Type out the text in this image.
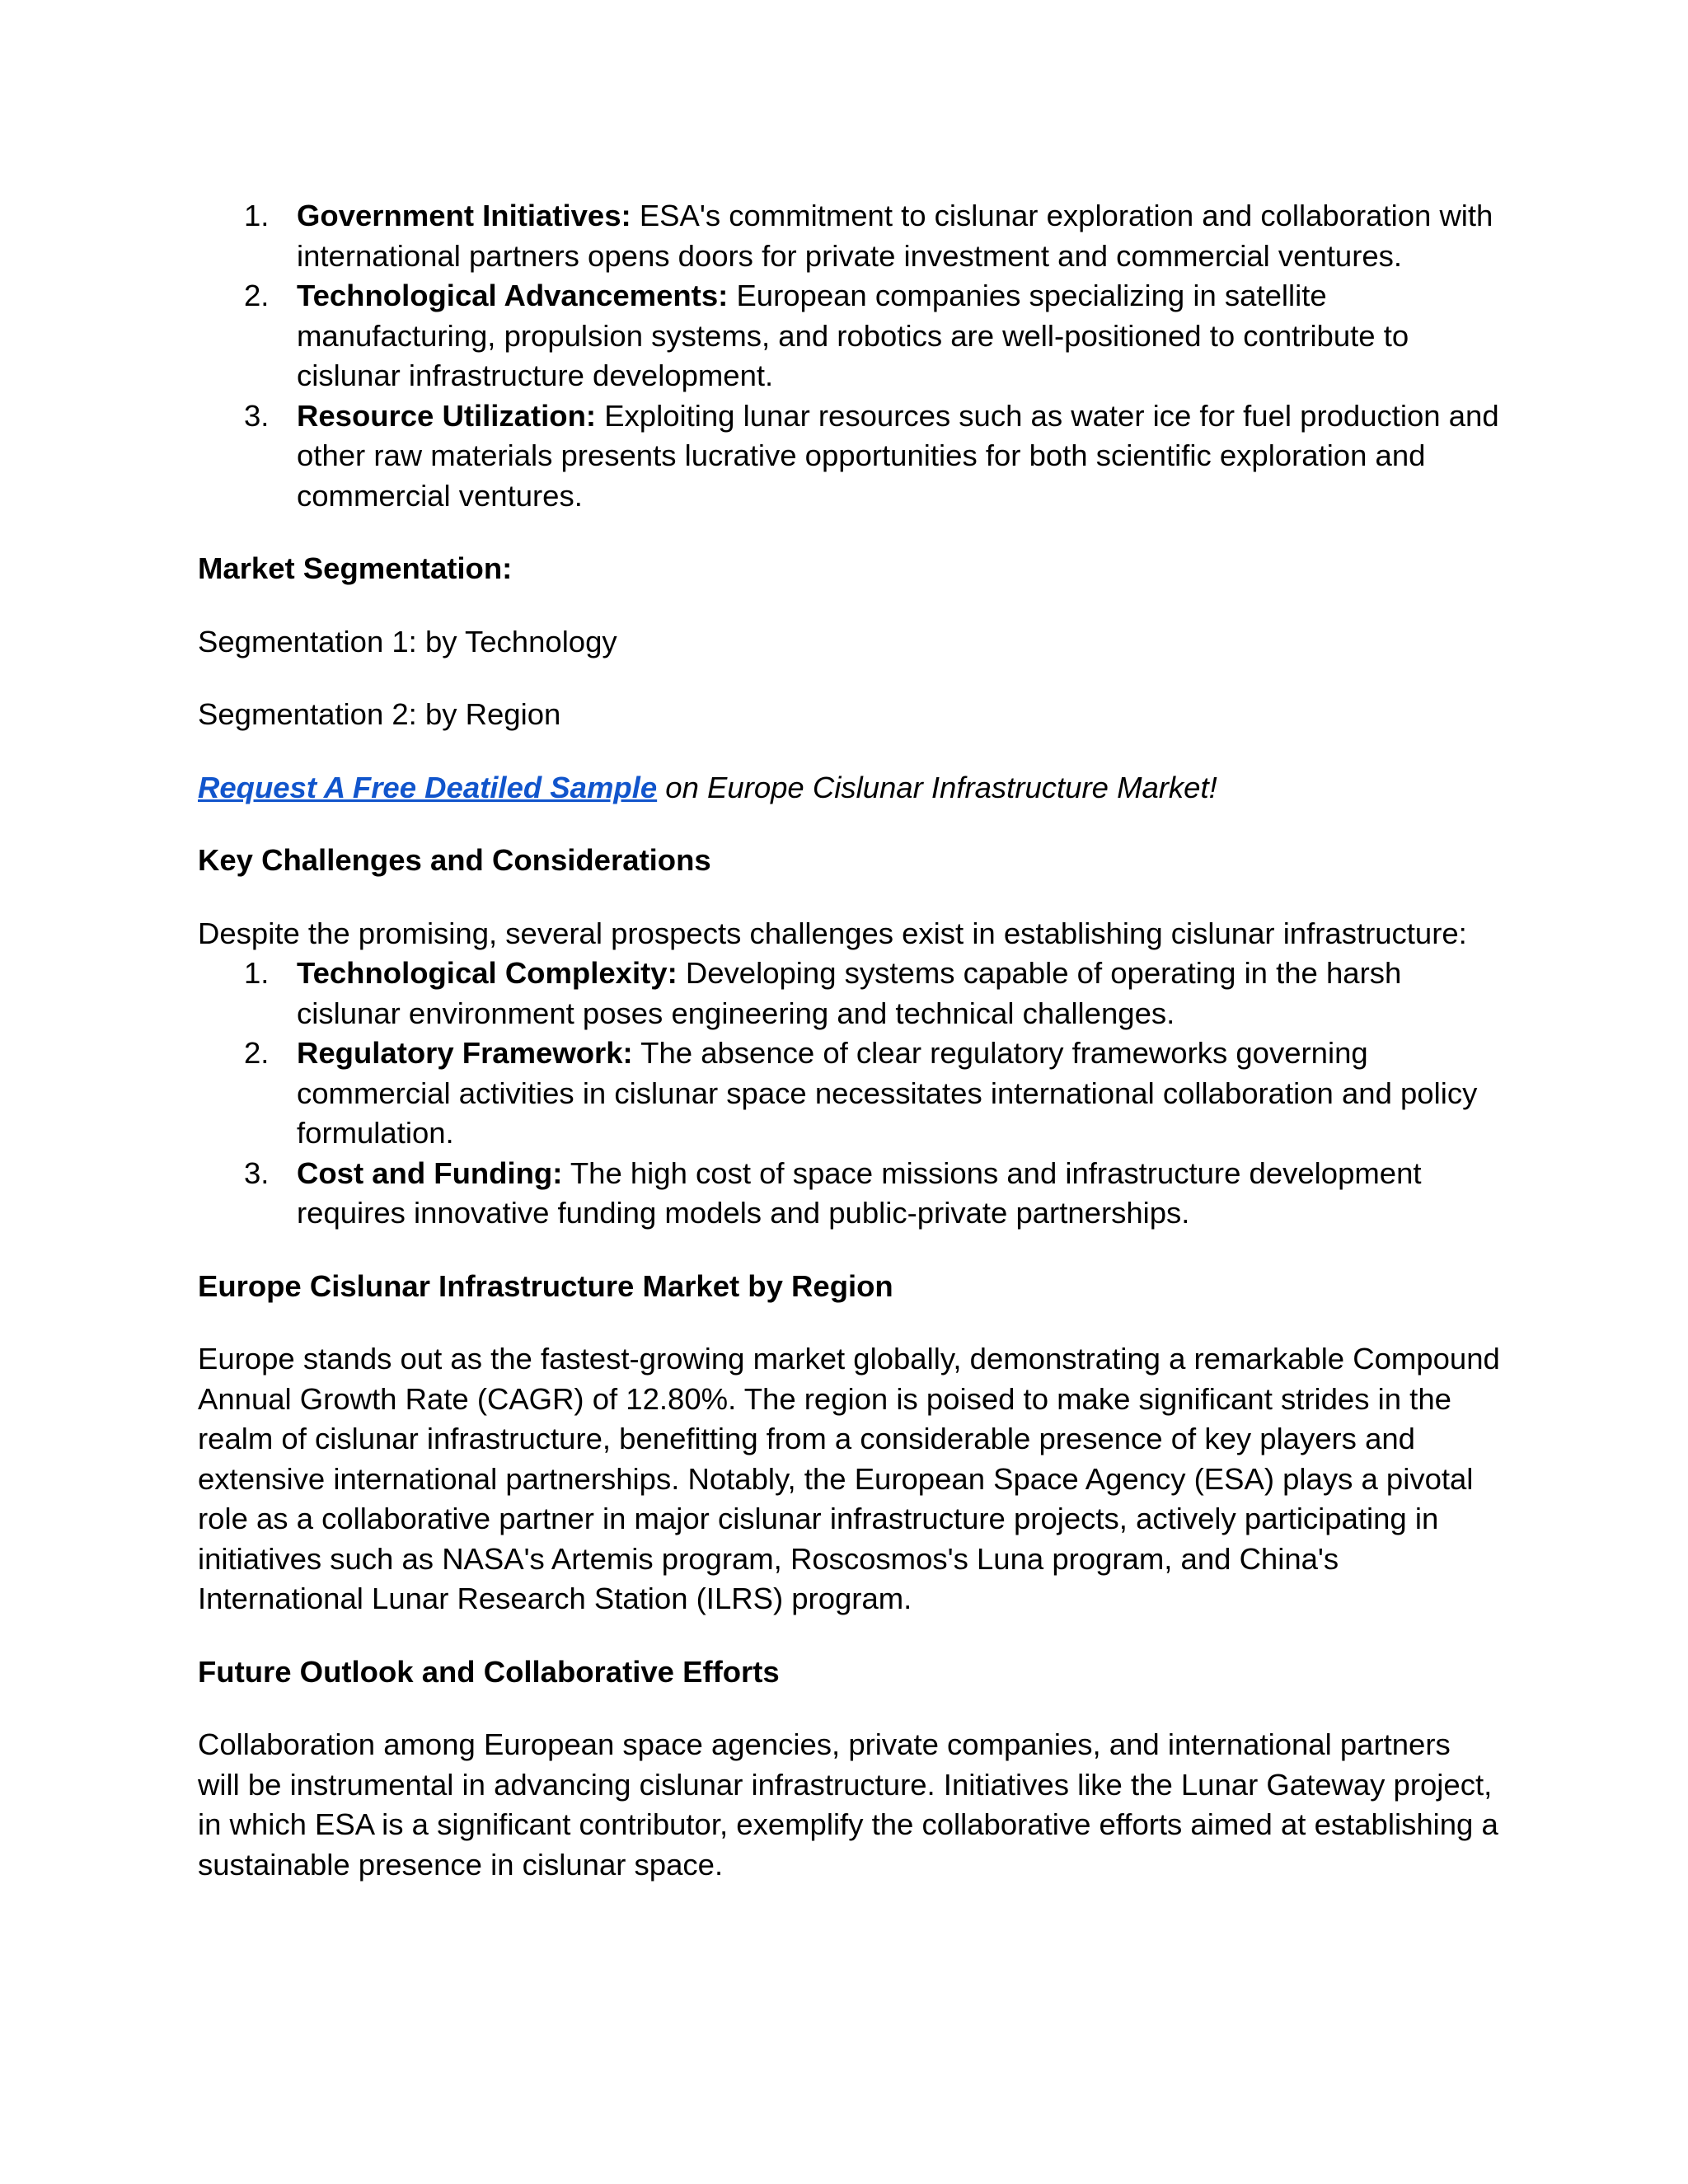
1. Government Initiatives: ESA's commitment to cislunar exploration and collaboration with international partners opens doors for private investment and commercial ventures.
2. Technological Advancements: European companies specializing in satellite manufacturing, propulsion systems, and robotics are well-positioned to contribute to cislunar infrastructure development.
3. Resource Utilization: Exploiting lunar resources such as water ice for fuel production and other raw materials presents lucrative opportunities for both scientific exploration and commercial ventures.

Market Segmentation:

Segmentation 1: by Technology

Segmentation 2: by Region

Request A Free Deatiled Sample on Europe Cislunar Infrastructure Market!

Key Challenges and Considerations

Despite the promising, several prospects challenges exist in establishing cislunar infrastructure:

1. Technological Complexity: Developing systems capable of operating in the harsh cislunar environment poses engineering and technical challenges.
2. Regulatory Framework: The absence of clear regulatory frameworks governing commercial activities in cislunar space necessitates international collaboration and policy formulation.
3. Cost and Funding: The high cost of space missions and infrastructure development requires innovative funding models and public-private partnerships.

Europe Cislunar Infrastructure Market by Region

Europe stands out as the fastest-growing market globally, demonstrating a remarkable Compound Annual Growth Rate (CAGR) of 12.80%. The region is poised to make significant strides in the realm of cislunar infrastructure, benefitting from a considerable presence of key players and extensive international partnerships. Notably, the European Space Agency (ESA) plays a pivotal role as a collaborative partner in major cislunar infrastructure projects, actively participating in initiatives such as NASA's Artemis program, Roscosmos's Luna program, and China's International Lunar Research Station (ILRS) program.

Future Outlook and Collaborative Efforts

Collaboration among European space agencies, private companies, and international partners will be instrumental in advancing cislunar infrastructure. Initiatives like the Lunar Gateway project, in which ESA is a significant contributor, exemplify the collaborative efforts aimed at establishing a sustainable presence in cislunar space.
